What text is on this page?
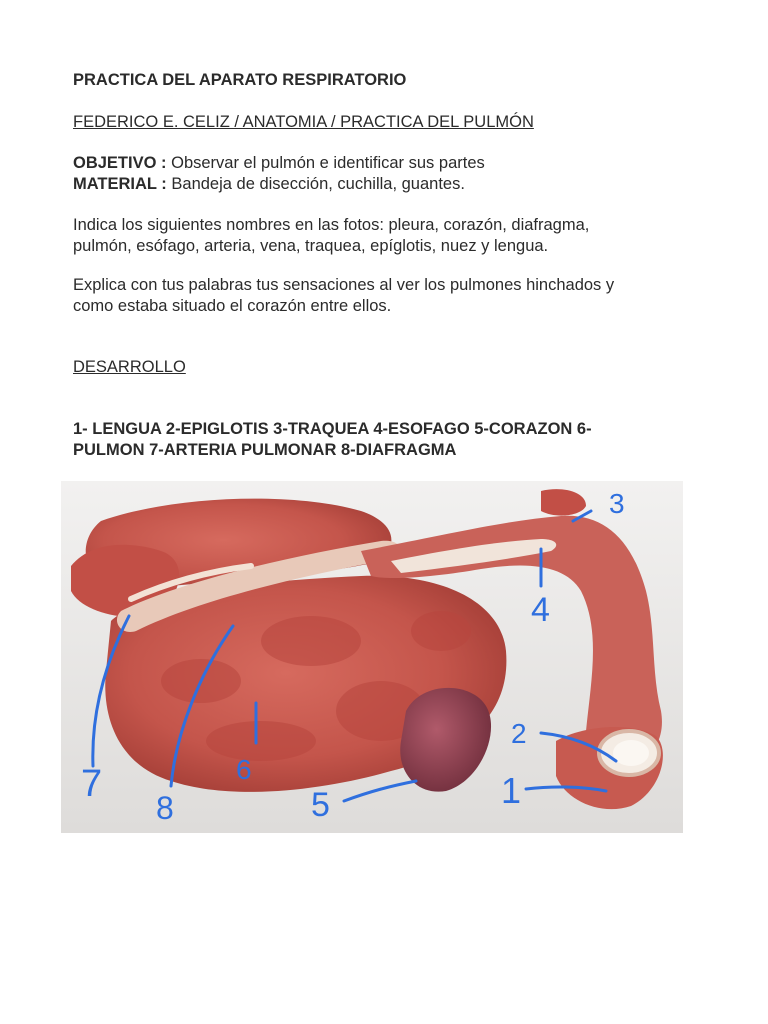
PRACTICA DEL APARATO RESPIRATORIO
FEDERICO E. CELIZ / ANATOMIA / PRACTICA DEL PULMÓN
OBJETIVO : Observar el pulmón e identificar sus partes
MATERIAL : Bandeja de disección, cuchilla, guantes.
Indica los siguientes nombres en las fotos: pleura, corazón, diafragma,
pulmón, esófago, arteria, vena, traquea, epíglotis, nuez y lengua.
Explica con tus palabras tus sensaciones al ver los pulmones hinchados y
como estaba situado el corazón entre ellos.
DESARROLLO
1- LENGUA 2-EPIGLOTIS 3-TRAQUEA 4-ESOFAGO 5-CORAZON 6-
PULMON 7-ARTERIA PULMONAR 8-DIAFRAGMA
1
2
3
4
5
6
7
8
